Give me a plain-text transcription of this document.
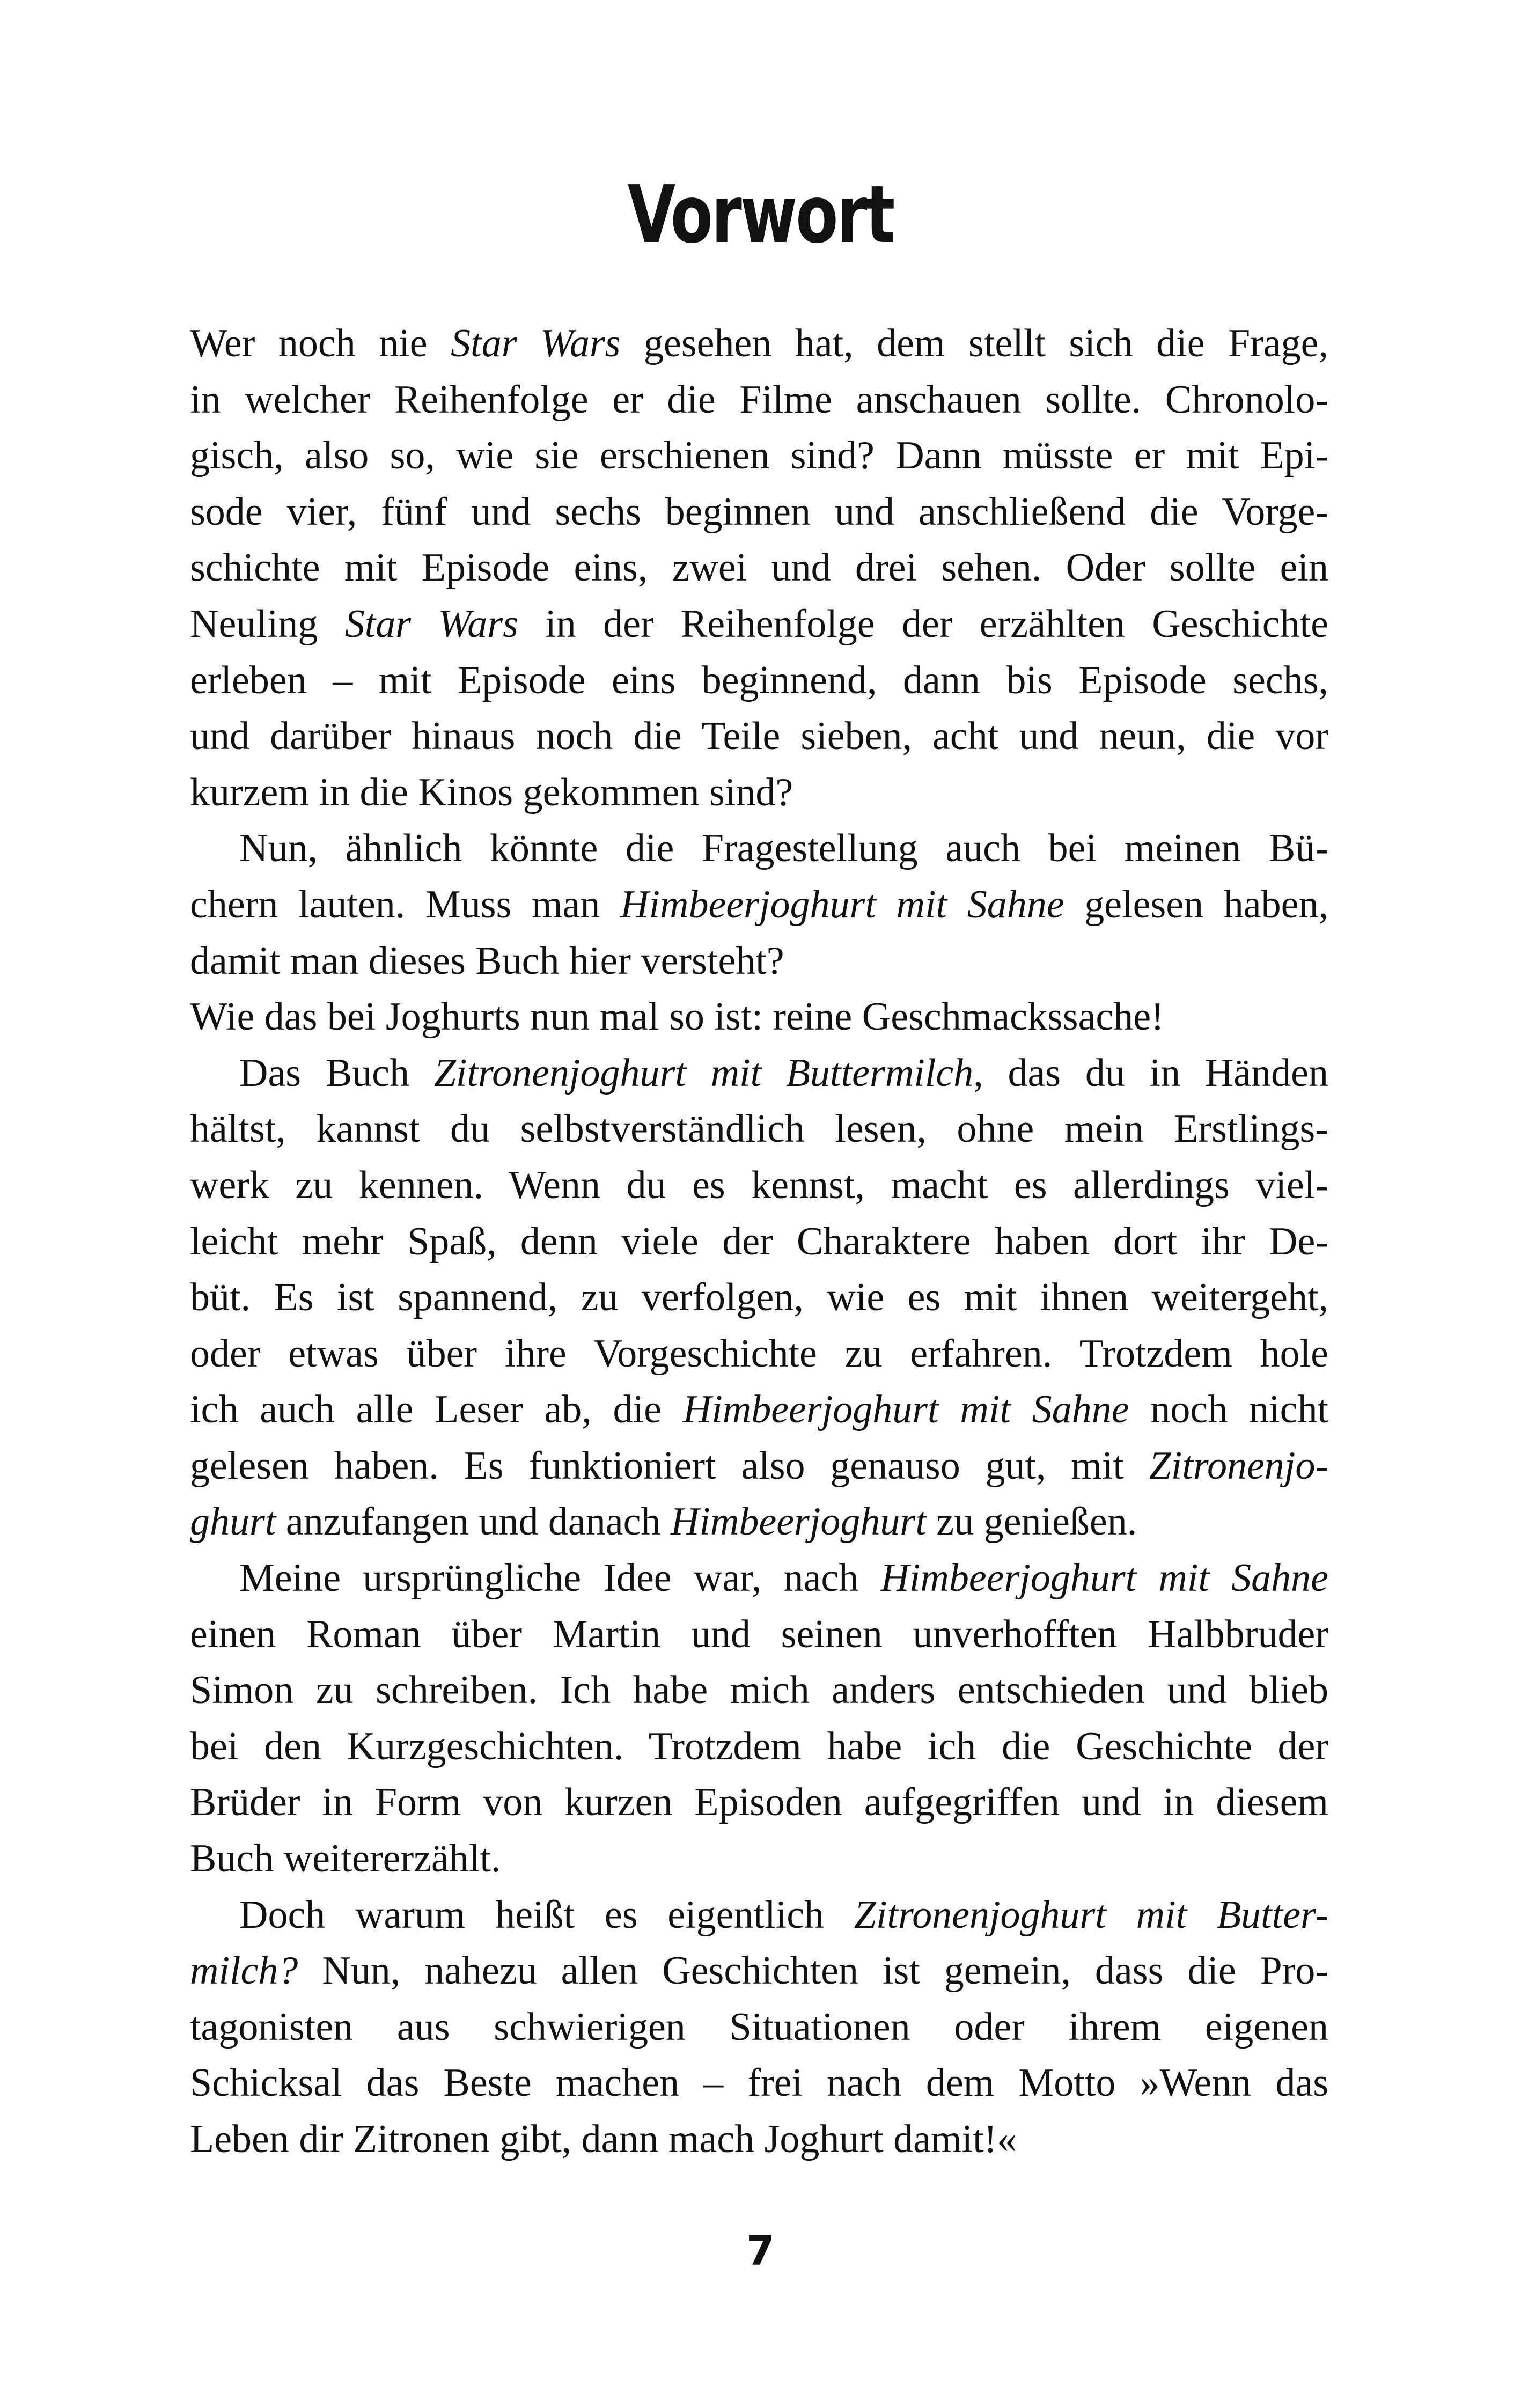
Vorwort
Wer noch nie Star Wars gesehen hat, dem stellt sich die Frage,
in welcher Reihenfolge er die Filme anschauen sollte. Chronolo-
gisch, also so, wie sie erschienen sind? Dann müsste er mit Epi-
sode vier, fünf und sechs beginnen und anschließend die Vorge-
schichte mit Episode eins, zwei und drei sehen. Oder sollte ein
Neuling Star Wars in der Reihenfolge der erzählten Geschichte
erleben – mit Episode eins beginnend, dann bis Episode sechs,
und darüber hinaus noch die Teile sieben, acht und neun, die vor
kurzem in die Kinos gekommen sind?
Nun, ähnlich könnte die Fragestellung auch bei meinen Bü-
chern lauten. Muss man Himbeerjoghurt mit Sahne gelesen haben,
damit man dieses Buch hier versteht?
Wie das bei Joghurts nun mal so ist: reine Geschmackssache!
Das Buch Zitronenjoghurt mit Buttermilch, das du in Händen
hältst, kannst du selbstverständlich lesen, ohne mein Erstlings-
werk zu kennen. Wenn du es kennst, macht es allerdings viel-
leicht mehr Spaß, denn viele der Charaktere haben dort ihr De-
büt. Es ist spannend, zu verfolgen, wie es mit ihnen weitergeht,
oder etwas über ihre Vorgeschichte zu erfahren. Trotzdem hole
ich auch alle Leser ab, die Himbeerjoghurt mit Sahne noch nicht
gelesen haben. Es funktioniert also genauso gut, mit Zitronenjo-
ghurt anzufangen und danach Himbeerjoghurt zu genießen.
Meine ursprüngliche Idee war, nach Himbeerjoghurt mit Sahne
einen Roman über Martin und seinen unverhofften Halbbruder
Simon zu schreiben. Ich habe mich anders entschieden und blieb
bei den Kurzgeschichten. Trotzdem habe ich die Geschichte der
Brüder in Form von kurzen Episoden aufgegriffen und in diesem
Buch weitererzählt.
Doch warum heißt es eigentlich Zitronenjoghurt mit Butter-
milch? Nun, nahezu allen Geschichten ist gemein, dass die Pro-
tagonisten aus schwierigen Situationen oder ihrem eigenen
Schicksal das Beste machen – frei nach dem Motto »Wenn das
Leben dir Zitronen gibt, dann mach Joghurt damit!«
7
